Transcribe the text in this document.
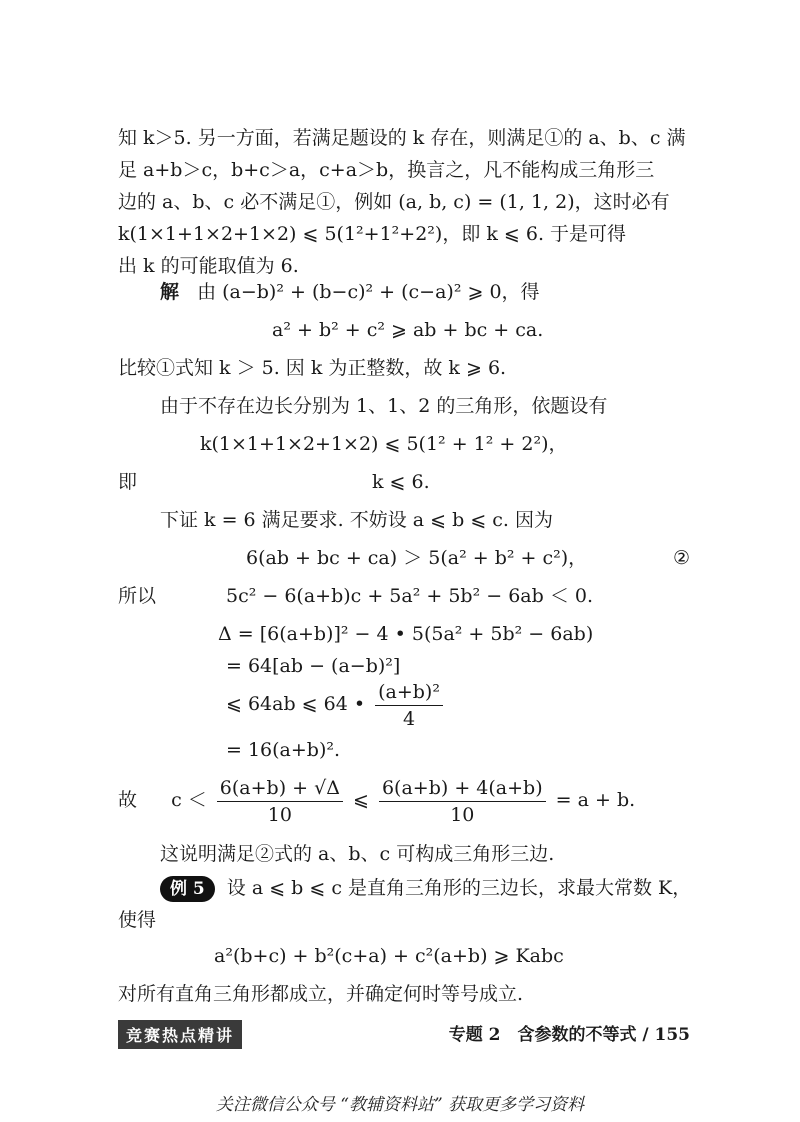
知 k＞5. 另一方面，若满足题设的 k 存在，则满足①的 a、b、c 满
足 a+b＞c，b+c＞a，c+a＞b，换言之，凡不能构成三角形三
边的 a、b、c 必不满足①，例如 (a, b, c) = (1, 1, 2)，这时必有
k(1×1+1×2+1×2) ⩽ 5(1²+1²+2²)，即 k ⩽ 6. 于是可得
出 k 的可能取值为 6.
解 由 (a−b)² + (b−c)² + (c−a)² ⩾ 0，得
a² + b² + c² ⩾ ab + bc + ca.
比较①式知 k ＞ 5. 因 k 为正整数，故 k ⩾ 6.
由于不存在边长分别为 1、1、2 的三角形，依题设有
k(1×1+1×2+1×2) ⩽ 5(1² + 1² + 2²)，
即	k ⩽ 6.
下证 k = 6 满足要求. 不妨设 a ⩽ b ⩽ c. 因为
6(ab + bc + ca) ＞ 5(a² + b² + c²)，	②
所以	5c² − 6(a+b)c + 5a² + 5b² − 6ab ＜ 0.
Δ = [6(a+b)]² − 4 • 5(5a² + 5b² − 6ab)
= 64[ab − (a−b)²]
⩽ 64ab ⩽ 64 • $\frac{\text{(a+b)²}}{4}$
= 16(a+b)².
故 $c < \frac{6(a+b) + √\Delta}{10}$ ⩽ $\frac{6(a+b) + 4(a+b)}{10} = a + b$.
这说明满足②式的 a、b、c 可构成三角形三边.
例 5 设 a ⩽ b ⩽ c 是直角三角形的三边长，求最大常数 K，
使得
a²(b+c) + b²(c+a) + c²(a+b) ⩾ Kabc
对所有直角三角形都成立，并确定何时等号成立.
竞赛热点精讲	专题 2　含参数的不等式 / 155
关注微信公众号 “教辅资料站” 获取更多学习资料
